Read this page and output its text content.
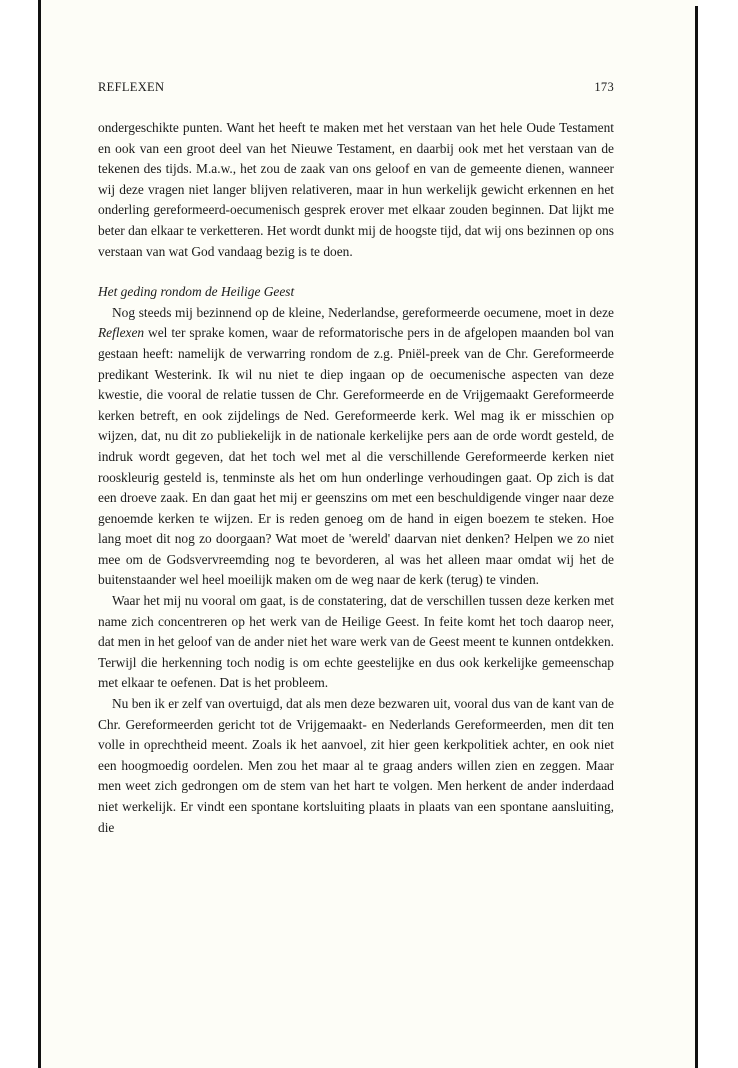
REFLEXEN	173

ondergeschikte punten. Want het heeft te maken met het verstaan van het hele Oude Testament en ook van een groot deel van het Nieuwe Testament, en daarbij ook met het verstaan van de tekenen des tijds. M.a.w., het zou de zaak van ons geloof en van de gemeente dienen, wanneer wij deze vragen niet langer blijven relativeren, maar in hun werkelijk gewicht erkennen en het onderling gereformeerd-oecumenisch gesprek erover met elkaar zouden beginnen. Dat lijkt me beter dan elkaar te verketteren. Het wordt dunkt mij de hoogste tijd, dat wij ons bezinnen op ons verstaan van wat God vandaag bezig is te doen.

Het geding rondom de Heilige Geest

Nog steeds mij bezinnend op de kleine, Nederlandse, gereformeerde oecumene, moet in deze Reflexen wel ter sprake komen, waar de reformatorische pers in de afgelopen maanden bol van gestaan heeft: namelijk de verwarring rondom de z.g. Pniël-preek van de Chr. Gereformeerde predikant Westerink. Ik wil nu niet te diep ingaan op de oecumenische aspecten van deze kwestie, die vooral de relatie tussen de Chr. Gereformeerde en de Vrijgemaakt Gereformeerde kerken betreft, en ook zijdelings de Ned. Gereformeerde kerk. Wel mag ik er misschien op wijzen, dat, nu dit zo publiekelijk in de nationale kerkelijke pers aan de orde wordt gesteld, de indruk wordt gegeven, dat het toch wel met al die verschillende Gereformeerde kerken niet rooskleurig gesteld is, tenminste als het om hun onderlinge verhoudingen gaat. Op zich is dat een droeve zaak. En dan gaat het mij er geenszins om met een beschuldigende vinger naar deze genoemde kerken te wijzen. Er is reden genoeg om de hand in eigen boezem te steken. Hoe lang moet dit nog zo doorgaan? Wat moet de 'wereld' daarvan niet denken? Helpen we zo niet mee om de Godsvervreemding nog te bevorderen, al was het alleen maar omdat wij het de buitenstaander wel heel moeilijk maken om de weg naar de kerk (terug) te vinden.

Waar het mij nu vooral om gaat, is de constatering, dat de verschillen tussen deze kerken met name zich concentreren op het werk van de Heilige Geest. In feite komt het toch daarop neer, dat men in het geloof van de ander niet het ware werk van de Geest meent te kunnen ontdekken. Terwijl die herkenning toch nodig is om echte geestelijke en dus ook kerkelijke gemeenschap met elkaar te oefenen. Dat is het probleem.

Nu ben ik er zelf van overtuigd, dat als men deze bezwaren uit, vooral dus van de kant van de Chr. Gereformeerden gericht tot de Vrijgemaakt- en Nederlands Gereformeerden, men dit ten volle in oprechtheid meent. Zoals ik het aanvoel, zit hier geen kerkpolitiek achter, en ook niet een hoogmoedig oordelen. Men zou het maar al te graag anders willen zien en zeggen. Maar men weet zich gedrongen om de stem van het hart te volgen. Men herkent de ander inderdaad niet werkelijk. Er vindt een spontane kortsluiting plaats in plaats van een spontane aansluiting, die
